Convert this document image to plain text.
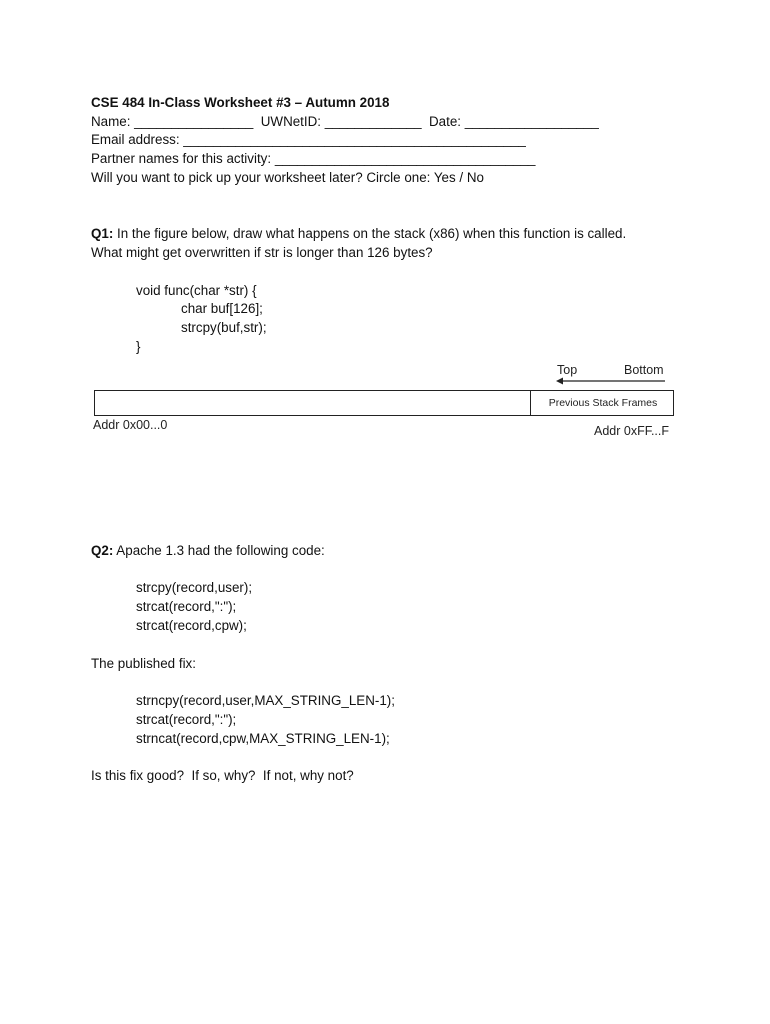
CSE 484 In-Class Worksheet #3 – Autumn 2018
Name: ________________  UWNetID: _____________  Date: __________________
Email address: ______________________________________________
Partner names for this activity: ___________________________________
Will you want to pick up your worksheet later? Circle one: Yes / No
Q1: In the figure below, draw what happens on the stack (x86) when this function is called.
What might get overwritten if str is longer than 126 bytes?
void func(char *str) {
char buf[126];
strcpy(buf,str);
}
Top	Bottom
Previous Stack Frames
Addr 0x00...0	Addr 0xFF...F
Q2: Apache 1.3 had the following code:
strcpy(record,user);
strcat(record,":");
strcat(record,cpw);
The published fix:
strncpy(record,user,MAX_STRING_LEN-1);
strcat(record,":");
strncat(record,cpw,MAX_STRING_LEN-1);
Is this fix good?  If so, why?  If not, why not?
